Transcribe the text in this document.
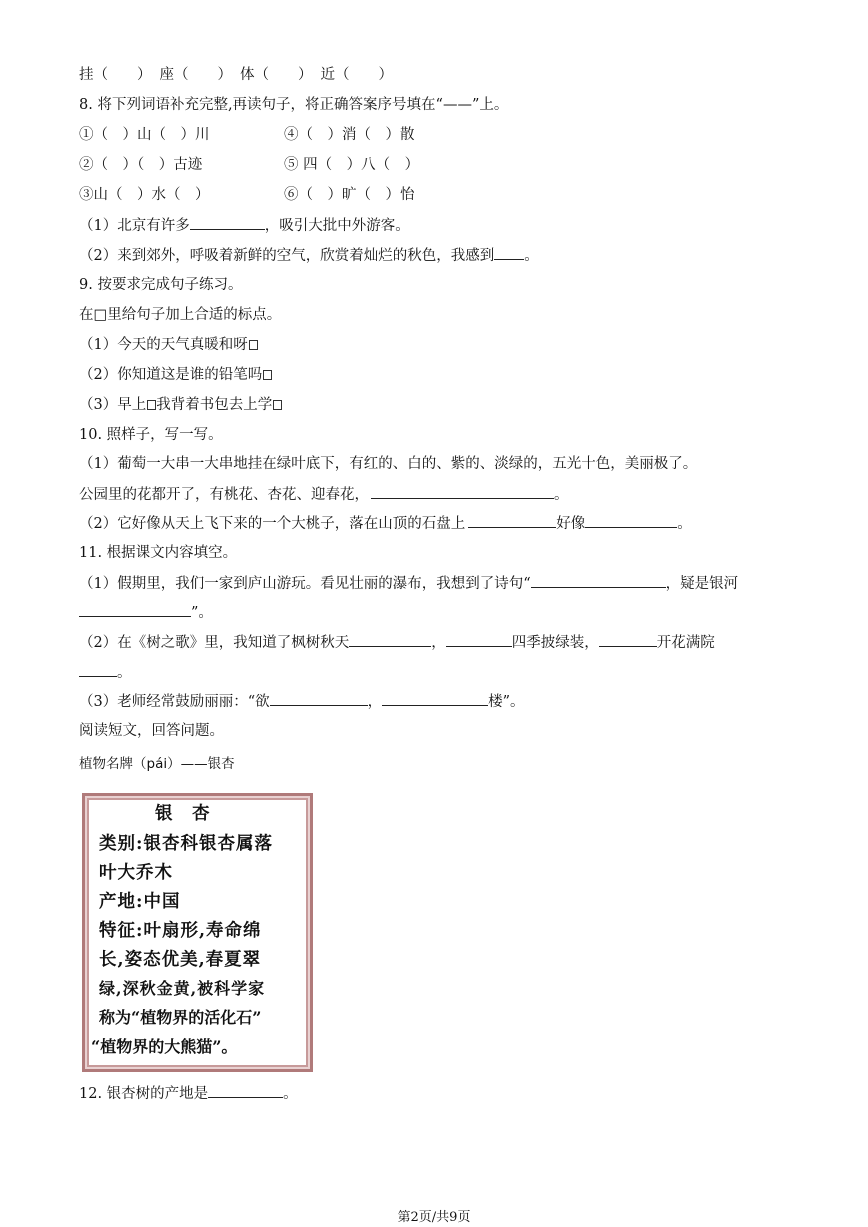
挂（　　） 座（　　） 体（　　） 近（　　）
8. 将下列词语补充完整,再读句子，将正确答案序号填在“——”上。
①（　）山（　）川	④（　）消（　）散
②（　）（　）古迹	⑤ 四（　）八（　）
③山（　）水（　）	⑥（　）旷（　）怡
（1）北京有许多	，吸引大批中外游客。
（2）来到郊外，呼吸着新鲜的空气，欣赏着灿烂的秋色，我感到 。
9. 按要求完成句子练习。
在□里给句子加上合适的标点。
（1）今天的天气真暖和呀
（2）你知道这是谁的铅笔吗
（3）早上 我背着书包去上学
10. 照样子，写一写。
（1）葡萄一大串一大串地挂在绿叶底下，有红的、白的、紫的、淡绿的，五光十色，美丽极了。
公园里的花都开了，有桃花、杏花、迎春花，	。
（2）它好像从天上飞下来的一个大桃子，落在山顶的石盘上	好像	。
11. 根据课文内容填空。
（1）假期里，我们一家到庐山游玩。看见壮丽的瀑布，我想到了诗句“	，疑是银河
”。
（2）在《树之歌》里，我知道了枫树秋天	，	四季披绿装，	开花满院
。
（3）老师经常鼓励丽丽：“欲	，	楼”。
阅读短文，回答问题。
植物名牌（pái）——银杏
银　杏
类别:银杏科银杏属落
叶大乔木
产地:中国
特征:叶扇形,寿命绵
长,姿态优美,春夏翠
绿,深秋金黄,被科学家
称为“植物界的活化石”
“植物界的大熊猫”。
12. 银杏树的产地是	。
第2页/共9页
